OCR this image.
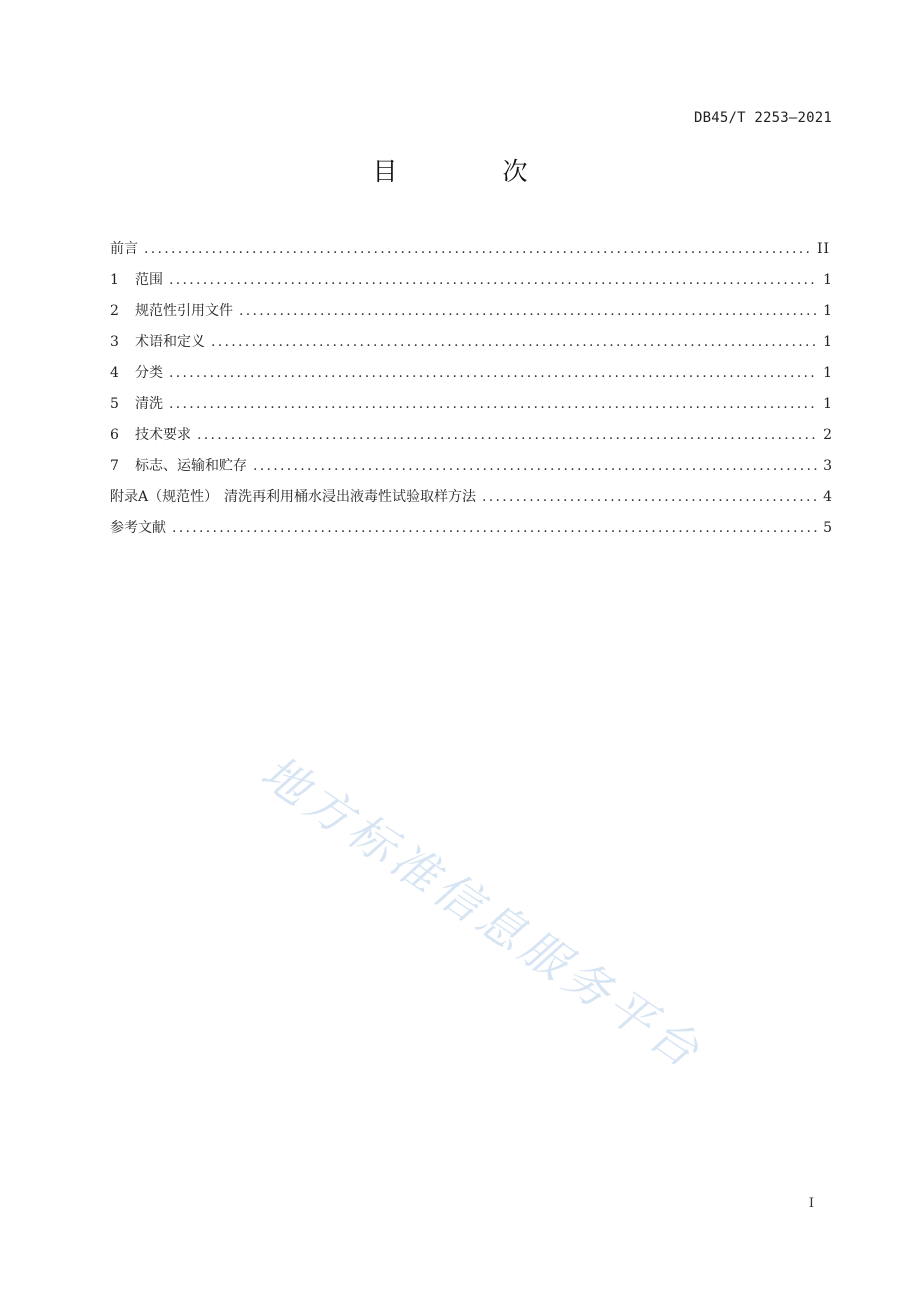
DB45/T 2253—2021
目　次
前言 .....	II
1	范围 .....	1
2	规范性引用文件 .....	1
3	术语和定义 .....	1
4	分类 .....	1
5	清洗 .....	1
6	技术要求 .....	2
7	标志、运输和贮存 .....	3
附录A（规范性） 清洗再利用桶水浸出液毒性试验取样方法 .....	4
参考文献 .....	5
地方标准信息服务平台
I
